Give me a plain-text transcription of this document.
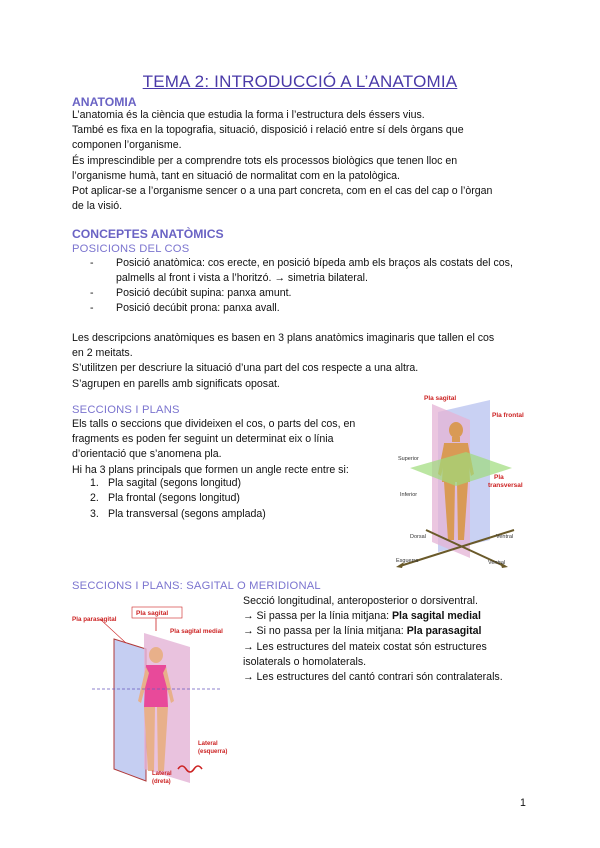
TEMA 2: INTRODUCCIÓ A L’ANATOMIA
ANATOMIA
L’anatomia és la ciència que estudia la forma i l’estructura dels éssers vius.
També es fixa en la topografia, situació, disposició i relació entre sí dels òrgans que
componen l’organisme.
És imprescindible per a comprendre tots els processos biològics que tenen lloc en
l’organisme humà, tant en situació de normalitat com en la patològica.
Pot aplicar-se a l’organisme sencer o a una part concreta, com en el cas del cap o l’òrgan
de la visió.
CONCEPTES ANATÒMICS
POSICIONS DEL COS
- Posició anatòmica: cos erecte, en posició bípeda amb els braços als costats del cos,
palmells al front i vista a l’horitzó. → simetria bilateral.
- Posició decúbit supina: panxa amunt.
- Posició decúbit prona: panxa avall.
Les descripcions anatòmiques es basen en 3 plans anatòmics imaginaris que tallen el cos
en 2 meitats.
S’utilitzen per descriure la situació d’una part del cos respecte a una altra.
S’agrupen en parells amb significats oposat.
SECCIONS I PLANS
Els talls o seccions que divideixen el cos, o parts del cos, en
fragments es poden fer seguint un determinat eix o línia
d’orientació que s’anomena pla.
Hi ha 3 plans principals que formen un angle recte entre si:
1. Pla sagital (segons longitud)
2. Pla frontal (segons longitud)
3. Pla transversal (segons amplada)
Pla sagital
Pla frontal
Superior
Inferior
Pla
transversal
Dorsal	Ventral
Esquerra	Ventral
SECCIONS I PLANS: SAGITAL O MERIDIONAL
Secció longitudinal, anteroposterior o dorsiventral.
→ Si passa per la línia mitjana: Pla sagital medial
→ Si no passa per la línia mitjana: Pla parasagital
→ Les estructures del mateix costat són estructures
isolaterals o homolaterals.
→ Les estructures del cantó contrari són contralaterals.
Pla sagital
Pla sagital medial
Pla parasagital
Lateral
(esquerra)
Lateral
(dreta)
1
